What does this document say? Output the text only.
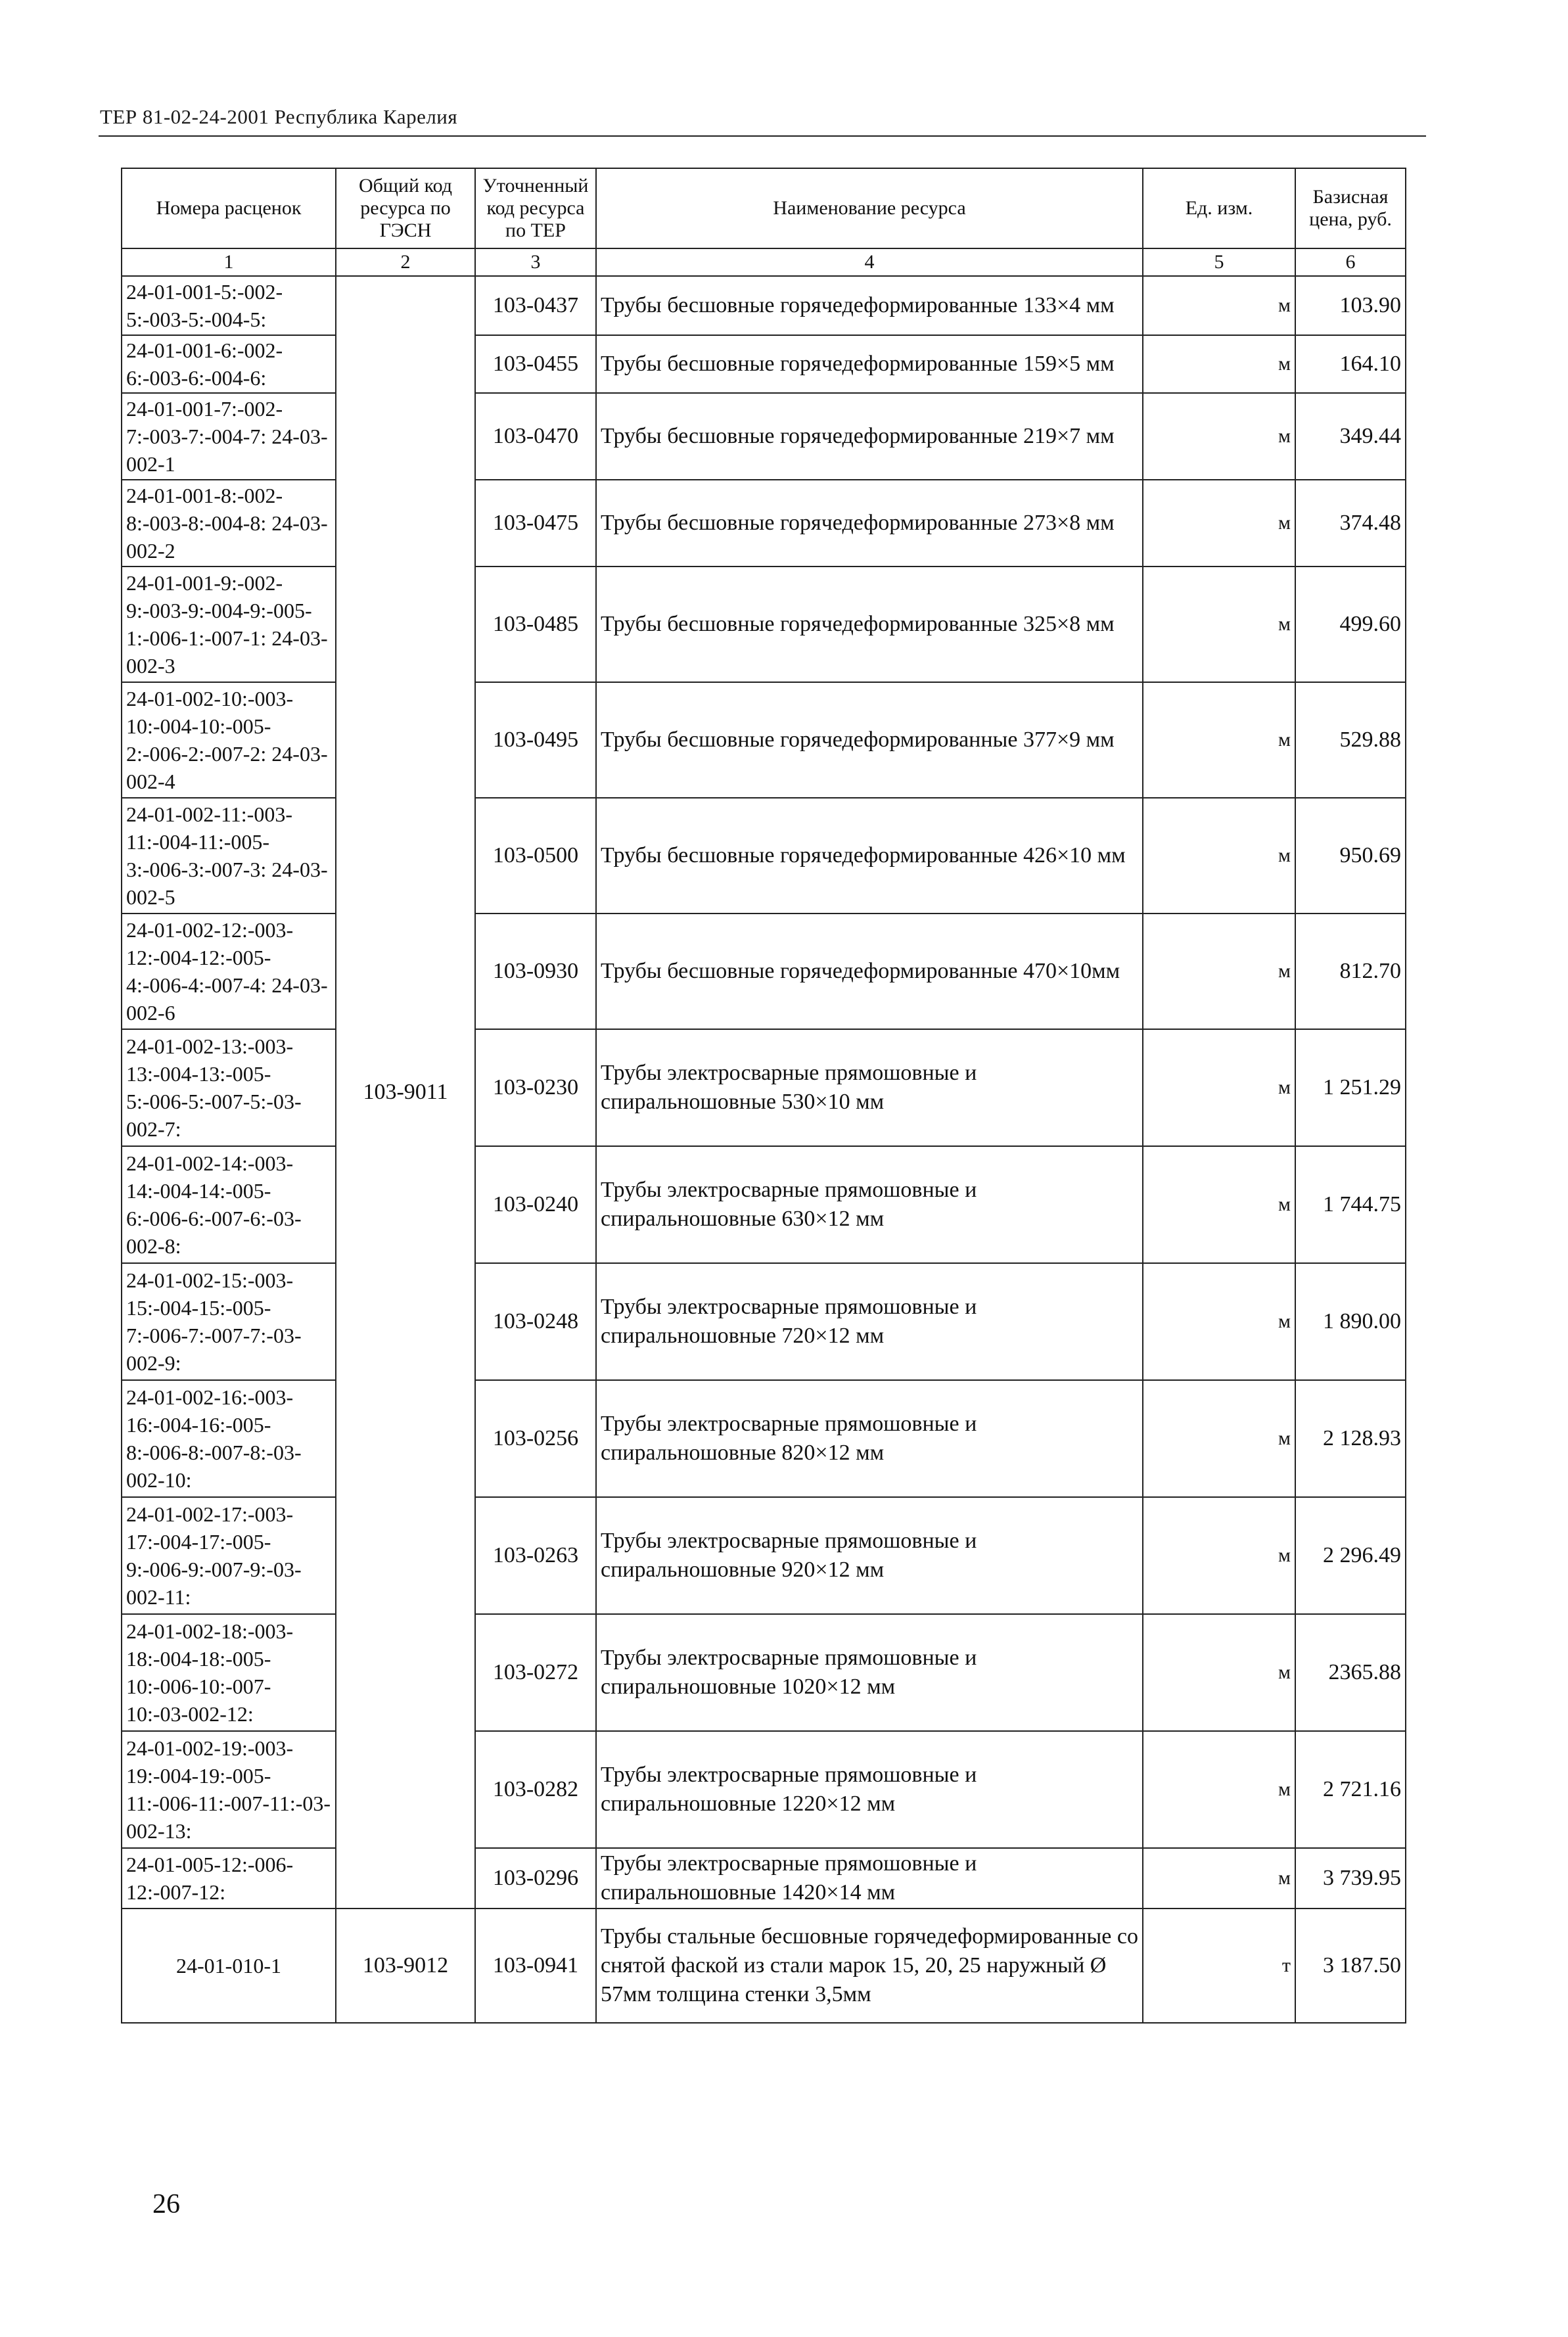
ТЕР 81-02-24-2001 Республика Карелия
Номера расценок	Общий код ресурса по ГЭСН	Уточненный код ресурса по ТЕР	Наименование ресурса	Ед. изм.	Базисная цена, руб.
1	2	3	4	5	6
24-01-001-5:-002-5:-003-5:-004-5:	103-9011	103-0437	Трубы бесшовные горячедеформированные 133×4 мм	м	103.90
24-01-001-6:-002-6:-003-6:-004-6:		103-0455	Трубы бесшовные горячедеформированные 159×5 мм	м	164.10
24-01-001-7:-002-7:-003-7:-004-7: 24-03-002-1		103-0470	Трубы бесшовные горячедеформированные 219×7 мм	м	349.44
24-01-001-8:-002-8:-003-8:-004-8: 24-03-002-2		103-0475	Трубы бесшовные горячедеформированные 273×8 мм	м	374.48
24-01-001-9:-002-9:-003-9:-004-9:-005-1:-006-1:-007-1: 24-03-002-3		103-0485	Трубы бесшовные горячедеформированные 325×8 мм	м	499.60
24-01-002-10:-003-10:-004-10:-005-2:-006-2:-007-2: 24-03-002-4		103-0495	Трубы бесшовные горячедеформированные 377×9 мм	м	529.88
24-01-002-11:-003-11:-004-11:-005-3:-006-3:-007-3: 24-03-002-5		103-0500	Трубы бесшовные горячедеформированные 426×10 мм	м	950.69
24-01-002-12:-003-12:-004-12:-005-4:-006-4:-007-4: 24-03-002-6		103-0930	Трубы бесшовные горячедеформированные 470×10мм	м	812.70
24-01-002-13:-003-13:-004-13:-005-5:-006-5:-007-5:-03-002-7:		103-0230	Трубы электросварные прямошовные и спиральношовные 530×10 мм	м	1 251.29
24-01-002-14:-003-14:-004-14:-005-6:-006-6:-007-6:-03-002-8:		103-0240	Трубы электросварные прямошовные и спиральношовные 630×12 мм	м	1 744.75
24-01-002-15:-003-15:-004-15:-005-7:-006-7:-007-7:-03-002-9:		103-0248	Трубы электросварные прямошовные и спиральношовные 720×12 мм	м	1 890.00
24-01-002-16:-003-16:-004-16:-005-8:-006-8:-007-8:-03-002-10:		103-0256	Трубы электросварные прямошовные и спиральношовные 820×12 мм	м	2 128.93
24-01-002-17:-003-17:-004-17:-005-9:-006-9:-007-9:-03-002-11:		103-0263	Трубы электросварные прямошовные и спиральношовные 920×12 мм	м	2 296.49
24-01-002-18:-003-18:-004-18:-005-10:-006-10:-007-10:-03-002-12:		103-0272	Трубы электросварные прямошовные и спиральношовные 1020×12 мм	м	2365.88
24-01-002-19:-003-19:-004-19:-005-11:-006-11:-007-11:-03-002-13:		103-0282	Трубы электросварные прямошовные и спиральношовные 1220×12 мм	м	2 721.16
24-01-005-12:-006-12:-007-12:		103-0296	Трубы электросварные прямошовные и спиральношовные 1420×14 мм	м	3 739.95
24-01-010-1	103-9012	103-0941	Трубы стальные бесшовные горячедеформированные со снятой фаской из стали марок 15, 20, 25 наружный Ø 57мм толщина стенки 3,5мм	т	3 187.50
26
